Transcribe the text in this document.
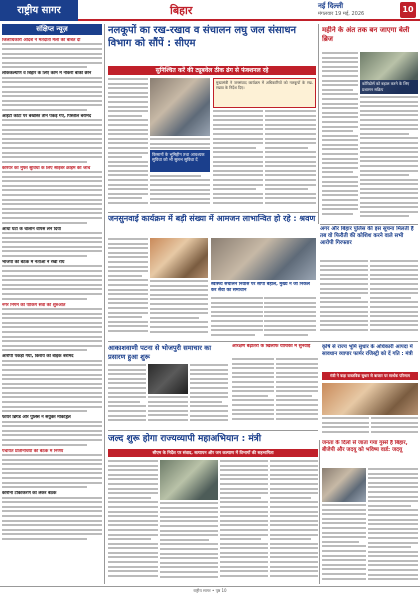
राष्ट्रीय सागर	बिहार	नई दिल्ली
मंगलवार 19 मई, 2026	10
संक्षिप्त न्यूज़
जिलाधिकारी आदर्श ने मतदाता मेला की बाबत दी
लोककल्याण व बिहार के लिए काम में नौकरी बाकी छीन
आईटी कोटा पर बर्खास्त तीन पकड़े गए, पिस्तौल बरामद
करियर को मुफ्त सुविधा के लिए साइबर क्राइम की जांच
आधा घंटा के चालान वापस लेने दिया
भाजपा की बैठक में नेताओं ने रखी राय
नगर निगम की पार्किंग सेवा की शुरुआत
आरोपी पकड़ा गया, किराये की बाइक बरामद
फायर ब्रिगेड और पुलिस ने संयुक्त मॉकड्रिल
पंचायत प्रतिनिधियों की बैठक में निर्णय
कोरोना टीकाकरण को लेकर बैठक
नलकूपों का रख-रखाव व संचालन लघु जल संसाधन विभाग को सौंपें : सीएम
सुनिश्चित करें की ट्यूबवेल ठीक ढंग से फंक्शनल रहे
मुख्यमंत्री ने जनसंवाद कार्यक्रम में अधिकारियों को नलकूपों के रख-रखाव के निर्देश दिए।
किसानों के भूमिहीन तथा आवश्यक सुविधा को भी सुलभ सुविधा दें
महीने के अंत तक बन जाएगा बेली ब्रिज
कोरिडोर्स को बहाल करने के लिए प्रशासन सक्रिय
जनसुनवाई कार्यक्रम में बड़ी संख्या में आमजन लाभान्वित हो रहे : श्रवण
स्वास्थ्य संचालन निवास पर सौंपी बहाल, मुख्य ने जो निकल कर सेवा का समाधान
अगर और बिहार पुलिस की इस सूचना मिलती है तब वो फिरौती की कोशिश करने वाले सभी आरोपी गिरफ्तार
आकाशवाणी पटना से भोजपुरी समाचार का प्रसारण हुआ शुरू
आरक्षण बढ़ोतरी के खिलाफ याचिका में सुनवाई	कृषि से राज्य भूमि सुधार के अधिकारी आपदा में सावधान व्यापार फार्मर रजिस्ट्री को दें गति : मंत्री
मंत्री ने कहा वास्तविक सुधार से बाजार पर सार्थक परिणाम
जल्द शुरू होगा राज्यव्यापी महाअभियान : मंत्री
सीएम के निर्देश पर संवाद, सत्यापन और जन कल्याण में विभागों की सहभागिता
जनता के दिलों से जाता गया गुस्से है बिहार, बीजेपी और जदयू को भविष्य वार्ड: जदयू
राष्ट्रीय सागर • पृष्ठ 10
